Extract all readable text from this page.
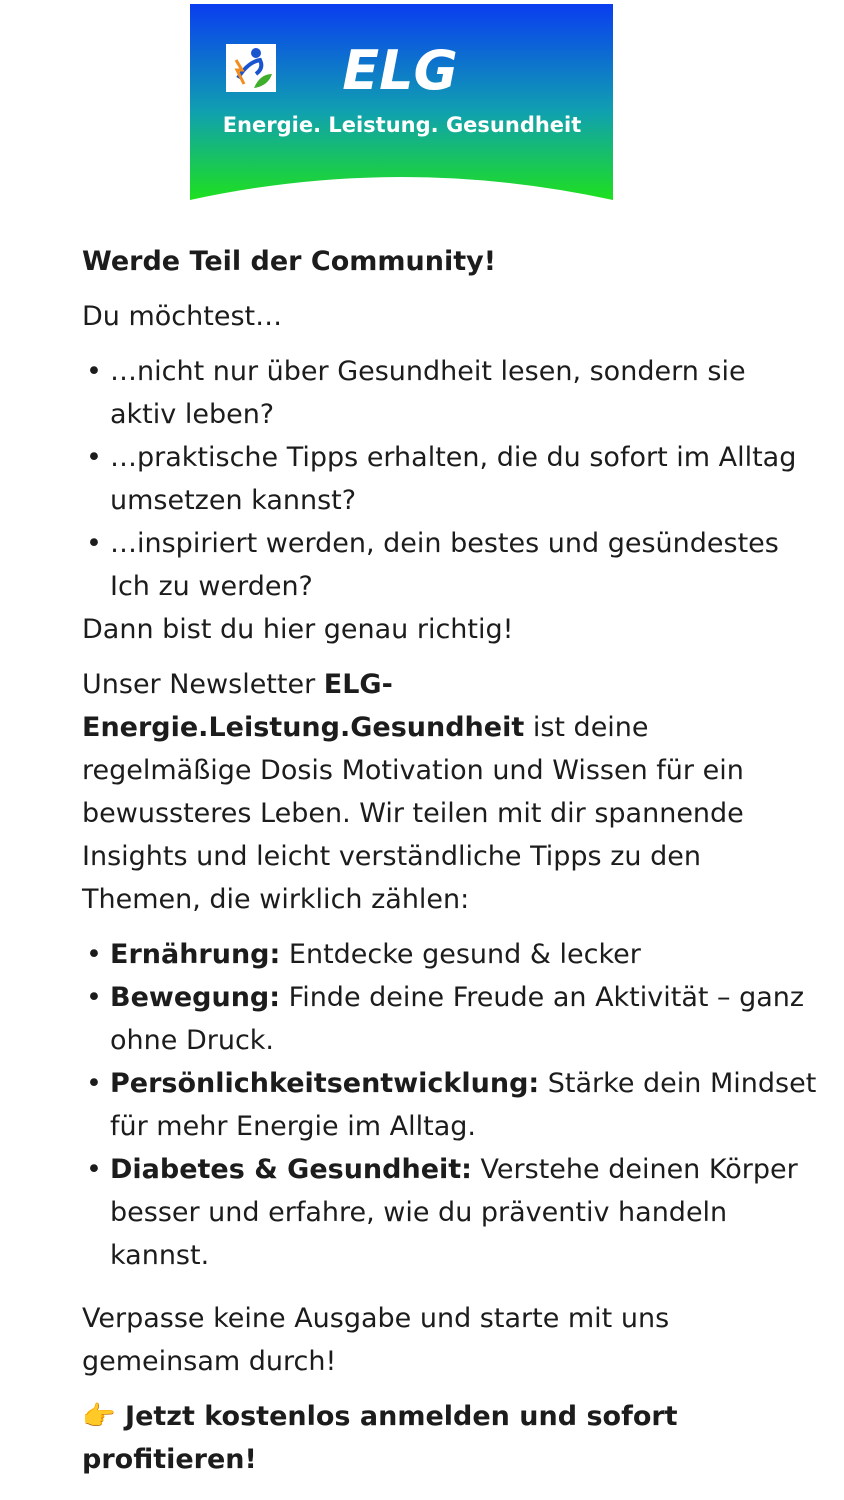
ELG
Energie. Leistung. Gesundheit

Werde Teil der Community!

Du möchtest…

• …nicht nur über Gesundheit lesen, sondern sie aktiv leben?
• …praktische Tipps erhalten, die du sofort im Alltag umsetzen kannst?
• …inspiriert werden, dein bestes und gesündestes Ich zu werden?

Dann bist du hier genau richtig!

Unser Newsletter ELG-Energie.Leistung.Gesundheit ist deine regelmäßige Dosis Motivation und Wissen für ein bewussteres Leben. Wir teilen mit dir spannende Insights und leicht verständliche Tipps zu den Themen, die wirklich zählen:

• Ernährung: Entdecke gesund & lecker
• Bewegung: Finde deine Freude an Aktivität – ganz ohne Druck.
• Persönlichkeitsentwicklung: Stärke dein Mindset für mehr Energie im Alltag.
• Diabetes & Gesundheit: Verstehe deinen Körper besser und erfahre, wie du präventiv handeln kannst.

Verpasse keine Ausgabe und starte mit uns gemeinsam durch!

👉 Jetzt kostenlos anmelden und sofort profitieren!
